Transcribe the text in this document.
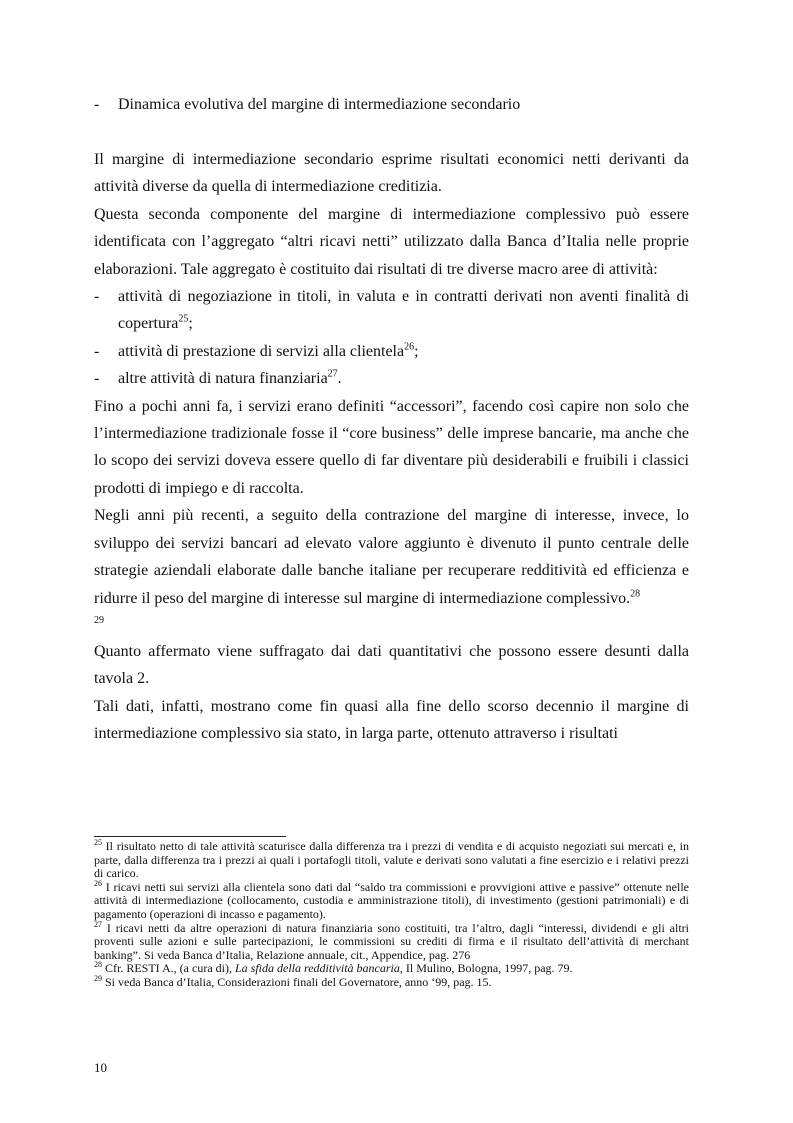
- Dinamica evolutiva del margine di intermediazione secondario

Il margine di intermediazione secondario esprime risultati economici netti derivanti da attività diverse da quella di intermediazione creditizia.

Questa seconda componente del margine di intermediazione complessivo può essere identificata con l’aggregato “altri ricavi netti” utilizzato dalla Banca d’Italia nelle proprie elaborazioni. Tale aggregato è costituito dai risultati di tre diverse macro aree di attività:

- attività di negoziazione in titoli, in valuta e in contratti derivati non aventi finalità di copertura$^{25}$;
- attività di prestazione di servizi alla clientela$^{26}$;
- altre attività di natura finanziaria$^{27}$.

Fino a pochi anni fa, i servizi erano definiti “accessori”, facendo così capire non solo che l’intermediazione tradizionale fosse il “core business” delle imprese bancarie, ma anche che lo scopo dei servizi doveva essere quello di far diventare più desiderabili e fruibili i classici prodotti di impiego e di raccolta.

Negli anni più recenti, a seguito della contrazione del margine di interesse, invece, lo sviluppo dei servizi bancari ad elevato valore aggiunto è divenuto il punto centrale delle strategie aziendali elaborate dalle banche italiane per recuperare redditività ed efficienza e ridurre il peso del margine di interesse sul margine di intermediazione complessivo.$^{28}$

29

Quanto affermato viene suffragato dai dati quantitativi che possono essere desunti dalla tavola 2.

Tali dati, infatti, mostrano come fin quasi alla fine dello scorso decennio il margine di intermediazione complessivo sia stato, in larga parte, ottenuto attraverso i risultati

$^{25}$ Il risultato netto di tale attività scaturisce dalla differenza tra i prezzi di vendita e di acquisto negoziati sui mercati e, in parte, dalla differenza tra i prezzi ai quali i portafogli titoli, valute e derivati sono valutati a fine esercizio e i relativi prezzi di carico.

$^{26}$ I ricavi netti sui servizi alla clientela sono dati dal “saldo tra commissioni e provvigioni attive e passive” ottenute nelle attività di intermediazione (collocamento, custodia e amministrazione titoli), di investimento (gestioni patrimoniali) e di pagamento (operazioni di incasso e pagamento).

$^{27}$ I ricavi netti da altre operazioni di natura finanziaria sono costituiti, tra l’altro, dagli “interessi, dividendi e gli altri proventi sulle azioni e sulle partecipazioni, le commissioni su crediti di firma e il risultato dell’attività di merchant banking”. Si veda Banca d’Italia, Relazione annuale, cit., Appendice, pag. 276

$^{28}$ Cfr. RESTI A., (a cura di), La sfida della redditività bancaria, Il Mulino, Bologna, 1997, pag. 79.

$^{29}$ Si veda Banca d’Italia, Considerazioni finali del Governatore, anno ‘99, pag. 15.

10
